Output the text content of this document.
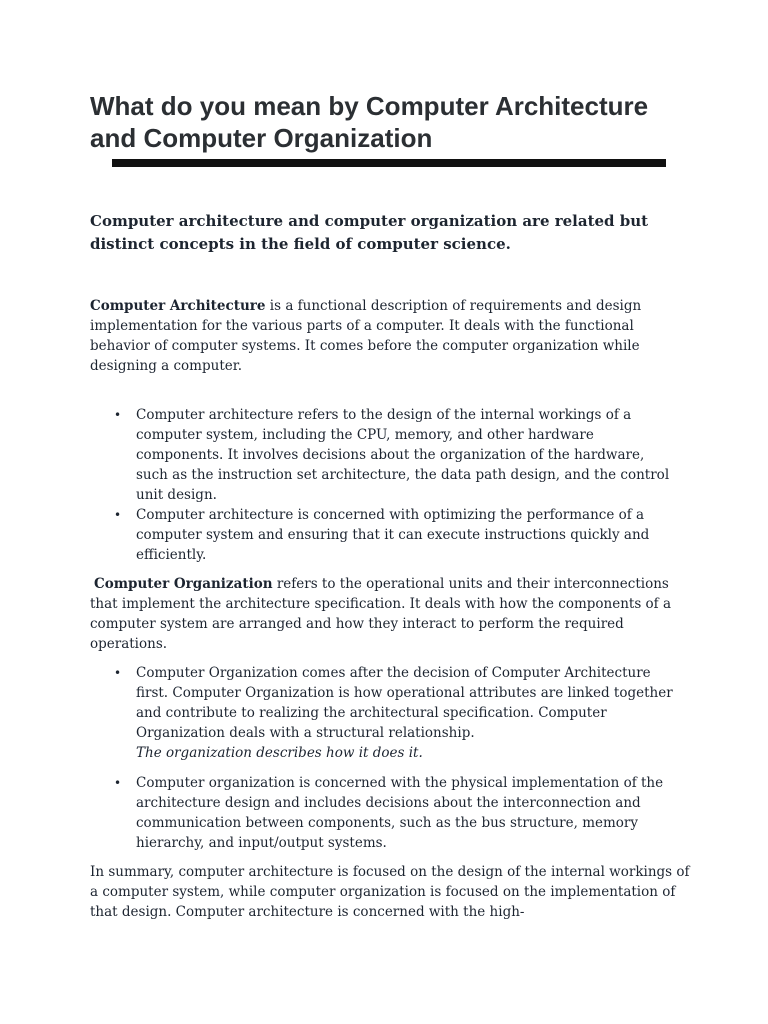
What do you mean by Computer Architecture and Computer Organization

Computer architecture and computer organization are related but distinct concepts in the field of computer science.

Computer Architecture is a functional description of requirements and design implementation for the various parts of a computer. It deals with the functional behavior of computer systems. It comes before the computer organization while designing a computer.

• Computer architecture refers to the design of the internal workings of a computer system, including the CPU, memory, and other hardware components. It involves decisions about the organization of the hardware, such as the instruction set architecture, the data path design, and the control unit design.
• Computer architecture is concerned with optimizing the performance of a computer system and ensuring that it can execute instructions quickly and efficiently.

Computer Organization refers to the operational units and their interconnections that implement the architecture specification. It deals with how the components of a computer system are arranged and how they interact to perform the required operations.

• Computer Organization comes after the decision of Computer Architecture first. Computer Organization is how operational attributes are linked together and contribute to realizing the architectural specification. Computer Organization deals with a structural relationship.
The organization describes how it does it.
• Computer organization is concerned with the physical implementation of the architecture design and includes decisions about the interconnection and communication between components, such as the bus structure, memory hierarchy, and input/output systems.

In summary, computer architecture is focused on the design of the internal workings of a computer system, while computer organization is focused on the implementation of that design. Computer architecture is concerned with the high-
